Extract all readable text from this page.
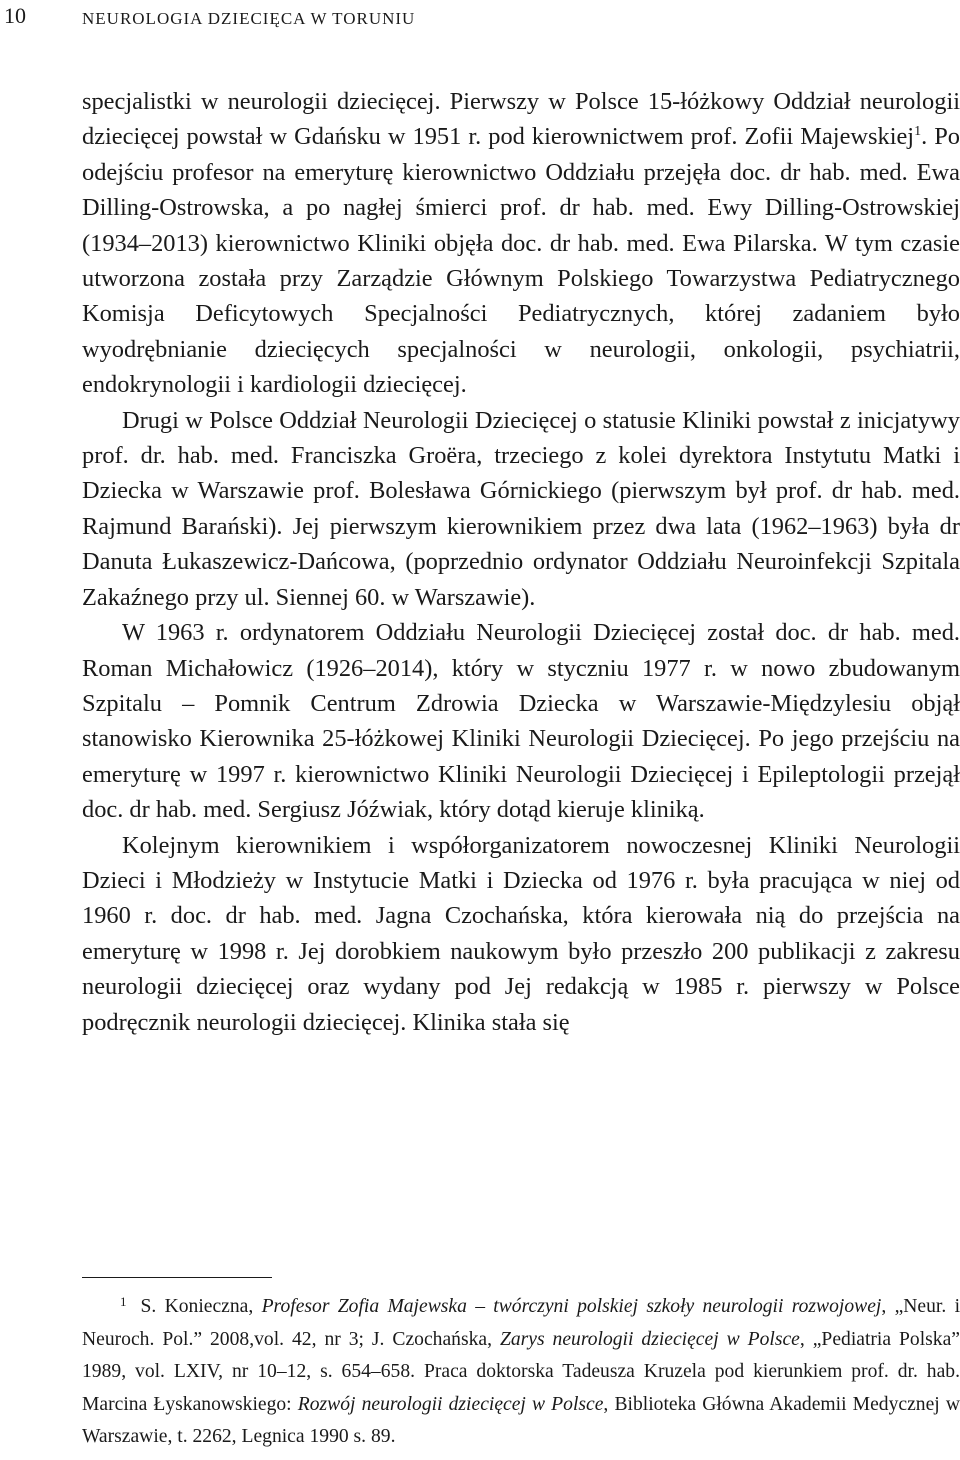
10	NEUROLOGIA DZIECIĘCA W TORUNIU

specjalistki w neurologii dziecięcej. Pierwszy w Polsce 15-łóżkowy Oddział neurologii dziecięcej powstał w Gdańsku w 1951 r. pod kierownictwem prof. Zofii Majewskiej$^1$. Po odejściu profesor na emeryturę kierownictwo Oddziału przejęła doc. dr hab. med. Ewa Dilling-Ostrowska, a po nagłej śmierci prof. dr hab. med. Ewy Dilling-Ostrowskiej (1934–2013) kierownictwo Kliniki objęła doc. dr hab. med. Ewa Pilarska. W tym czasie utworzona została przy Zarządzie Głównym Polskiego Towarzystwa Pediatrycznego Komisja Deficytowych Specjalności Pediatrycznych, której zadaniem było wyodrębnianie dziecięcych specjalności w neurologii, onkologii, psychiatrii, endokrynologii i kardiologii dziecięcej.

Drugi w Polsce Oddział Neurologii Dziecięcej o statusie Kliniki powstał z inicjatywy prof. dr. hab. med. Franciszka Groëra, trzeciego z kolei dyrektora Instytutu Matki i Dziecka w Warszawie prof. Bolesława Górnickiego (pierwszym był prof. dr hab. med. Rajmund Barański). Jej pierwszym kierownikiem przez dwa lata (1962–1963) była dr Danuta Łukaszewicz-Dańcowa, (poprzednio ordynator Oddziału Neuroinfekcji Szpitala Zakaźnego przy ul. Siennej 60. w Warszawie).

W 1963 r. ordynatorem Oddziału Neurologii Dziecięcej został doc. dr hab. med. Roman Michałowicz (1926–2014), który w styczniu 1977 r. w nowo zbudowanym Szpitalu – Pomnik Centrum Zdrowia Dziecka w Warszawie-Międzylesiu objął stanowisko Kierownika 25-łóżkowej Kliniki Neurologii Dziecięcej. Po jego przejściu na emeryturę w 1997 r. kierownictwo Kliniki Neurologii Dziecięcej i Epileptologii przejął doc. dr hab. med. Sergiusz Jóźwiak, który dotąd kieruje kliniką.

Kolejnym kierownikiem i współorganizatorem nowoczesnej Kliniki Neurologii Dzieci i Młodzieży w Instytucie Matki i Dziecka od 1976 r. była pracująca w niej od 1960 r. doc. dr hab. med. Jagna Czochańska, która kierowała nią do przejścia na emeryturę w 1998 r. Jej dorobkiem naukowym było przeszło 200 publikacji z zakresu neurologii dziecięcej oraz wydany pod Jej redakcją w 1985 r. pierwszy w Polsce podręcznik neurologii dziecięcej. Klinika stała się

$^1$ S. Konieczna, Profesor Zofia Majewska – twórczyni polskiej szkoły neurologii rozwojowej, „Neur. i Neuroch. Pol.” 2008,vol. 42, nr 3; J. Czochańska, Zarys neurologii dziecięcej w Polsce, „Pediatria Polska” 1989, vol. LXIV, nr 10–12, s. 654–658. Praca doktorska Tadeusza Kruzela pod kierunkiem prof. dr. hab. Marcina Łyskanowskiego: Rozwój neurologii dziecięcej w Polsce, Biblioteka Główna Akademii Medycznej w Warszawie, t. 2262, Legnica 1990 s. 89.
